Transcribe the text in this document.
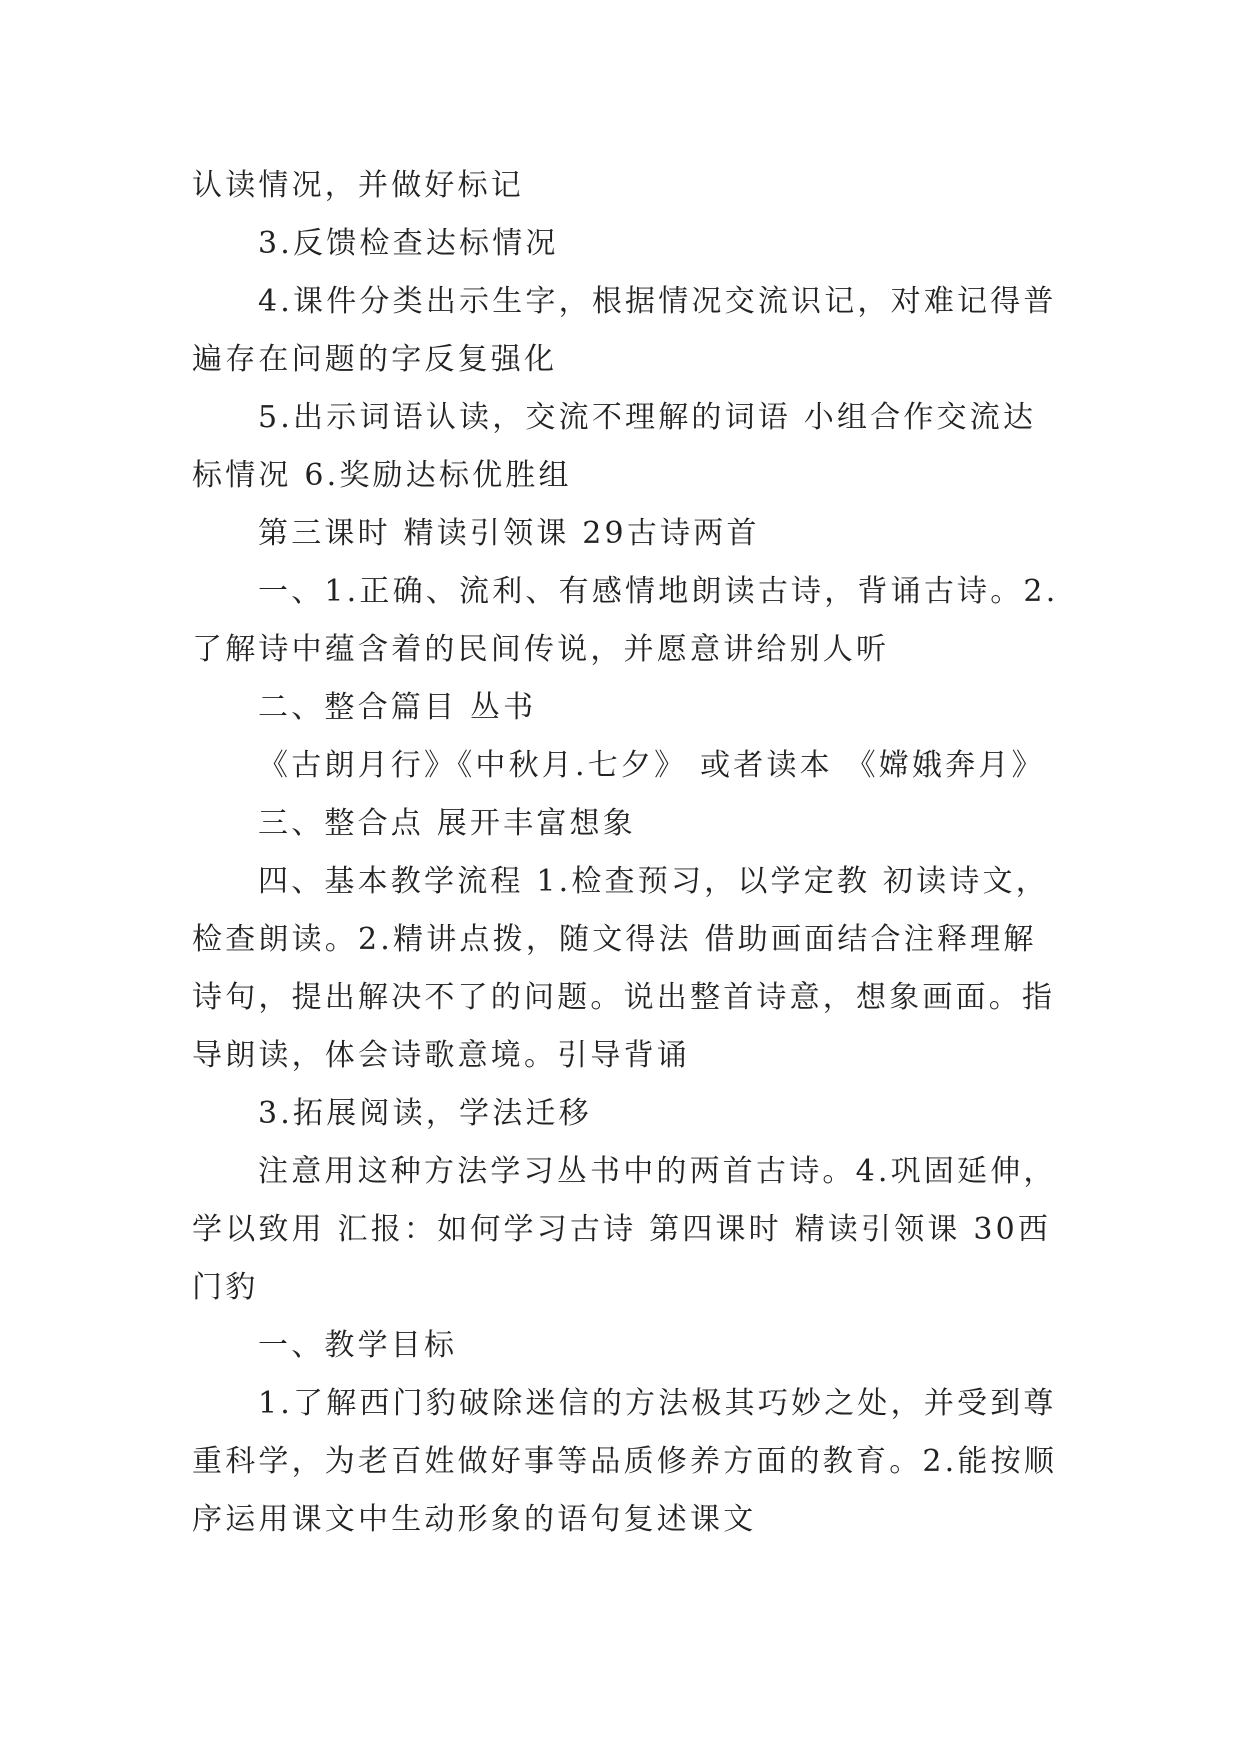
认读情况，并做好标记

3.反馈检查达标情况

4.课件分类出示生字，根据情况交流识记，对难记得普遍存在问题的字反复强化

5.出示词语认读，交流不理解的词语 小组合作交流达标情况 6.奖励达标优胜组

第三课时 精读引领课 29古诗两首

一、1.正确、流利、有感情地朗读古诗，背诵古诗。2.了解诗中蕴含着的民间传说，并愿意讲给别人听

二、整合篇目 丛书

《古朗月行》《中秋月.七夕》 或者读本 《嫦娥奔月》

三、整合点 展开丰富想象

四、基本教学流程 1.检查预习，以学定教 初读诗文，检查朗读。2.精讲点拨，随文得法 借助画面结合注释理解诗句，提出解决不了的问题。说出整首诗意，想象画面。指导朗读，体会诗歌意境。引导背诵

3.拓展阅读，学法迁移

注意用这种方法学习丛书中的两首古诗。4.巩固延伸，学以致用 汇报：如何学习古诗 第四课时 精读引领课 30西门豹

一、教学目标

1.了解西门豹破除迷信的方法极其巧妙之处，并受到尊重科学，为老百姓做好事等品质修养方面的教育。2.能按顺序运用课文中生动形象的语句复述课文
